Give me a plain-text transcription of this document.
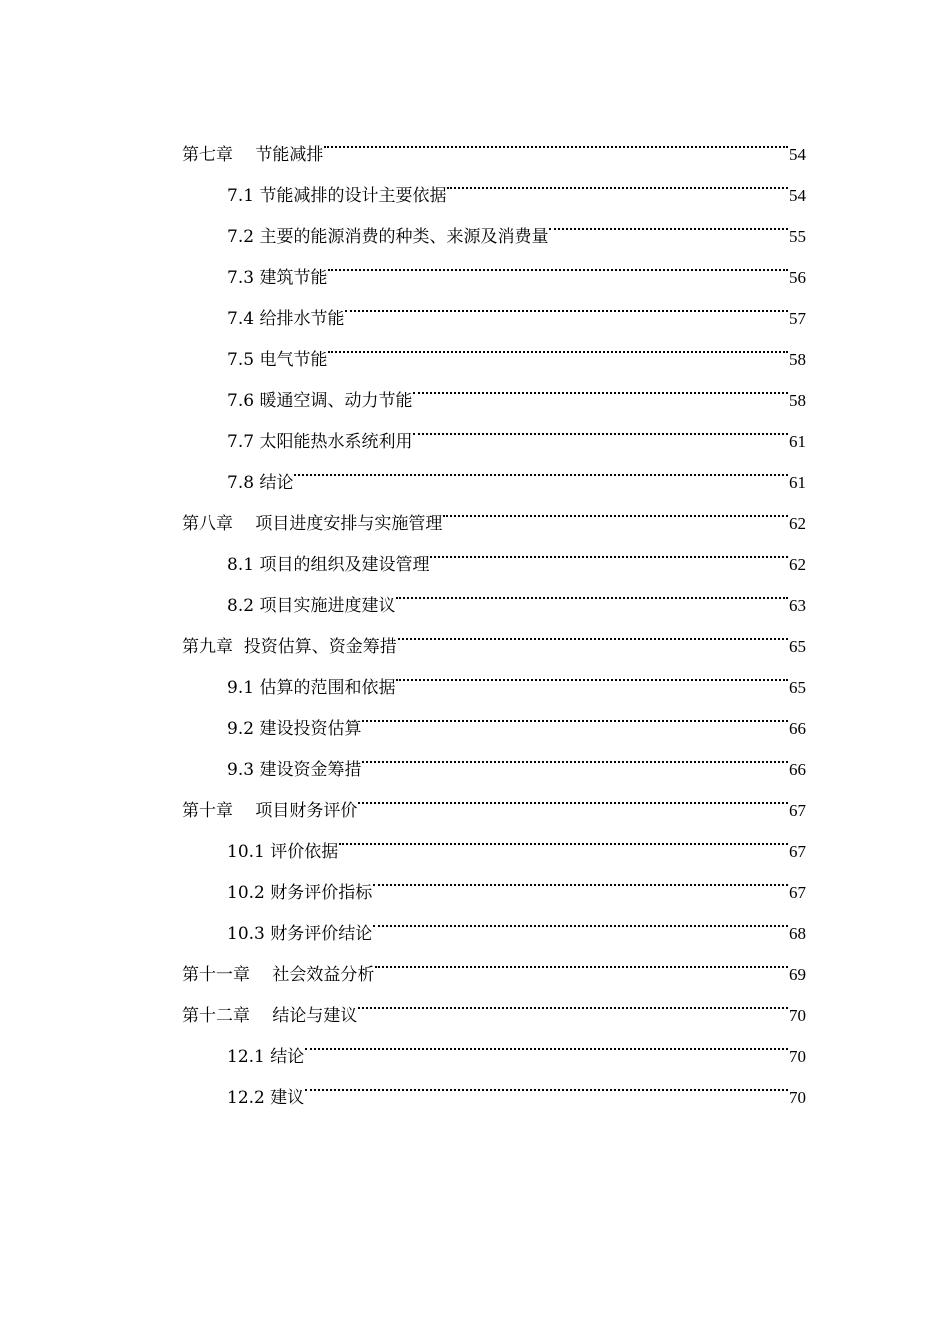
第七章　 节能减排	54
7.1 节能减排的设计主要依据	54
7.2 主要的能源消费的种类、来源及消费量	55
7.3 建筑节能	56
7.4 给排水节能	57
7.5 电气节能	58
7.6 暖通空调、动力节能	58
7.7 太阳能热水系统利用	61
7.8 结论	61
第八章　 项目进度安排与实施管理	62
8.1 项目的组织及建设管理	62
8.2 项目实施进度建议	63
第九章  投资估算、资金筹措	65
9.1 估算的范围和依据	65
9.2 建设投资估算	66
9.3 建设资金筹措	66
第十章　 项目财务评价	67
10.1 评价依据	67
10.2 财务评价指标	67
10.3 财务评价结论	68
第十一章　 社会效益分析	69
第十二章　 结论与建议	70
12.1 结论	70
12.2 建议	70
